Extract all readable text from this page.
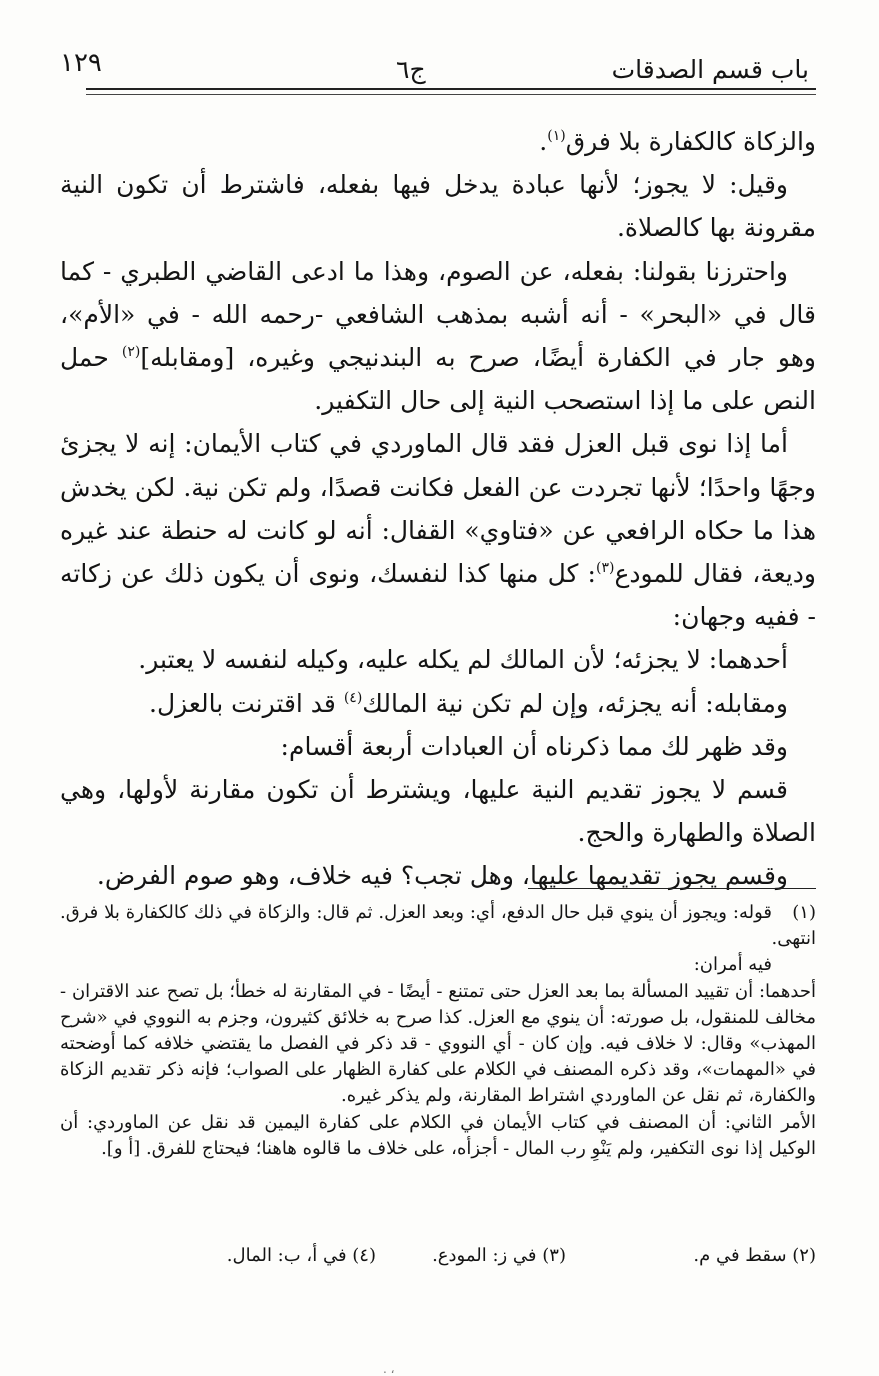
باب قسم الصدقات
ج٦
١٢٩

والزكاة كالكفارة بلا فرق$^{(١)}$.

وقيل: لا يجوز؛ لأنها عبادة يدخل فيها بفعله، فاشترط أن تكون النية مقرونة بها كالصلاة.

واحترزنا بقولنا: بفعله، عن الصوم، وهذا ما ادعى القاضي الطبري - كما قال في «البحر» - أنه أشبه بمذهب الشافعي -رحمه الله - في «الأم»، وهو جار في الكفارة أيضًا، صرح به البندنيجي وغيره، [ومقابله]$^{(٢)}$ حمل النص على ما إذا استصحب النية إلى حال التكفير.

أما إذا نوى قبل العزل فقد قال الماوردي في كتاب الأيمان: إنه لا يجزئ وجهًا واحدًا؛ لأنها تجردت عن الفعل فكانت قصدًا، ولم تكن نية. لكن يخدش هذا ما حكاه الرافعي عن «فتاوي» القفال: أنه لو كانت له حنطة عند غيره وديعة، فقال للمودع$^{(٣)}$: كل منها كذا لنفسك، ونوى أن يكون ذلك عن زكاته - ففيه وجهان:

أحدهما: لا يجزئه؛ لأن المالك لم يكله عليه، وكيله لنفسه لا يعتبر.

ومقابله: أنه يجزئه، وإن لم تكن نية المالك$^{(٤)}$ قد اقترنت بالعزل.

وقد ظهر لك مما ذكرناه أن العبادات أربعة أقسام:

قسم لا يجوز تقديم النية عليها، ويشترط أن تكون مقارنة لأولها، وهي الصلاة والطهارة والحج.

وقسم يجوز تقديمها عليها، وهل تجب؟ فيه خلاف، وهو صوم الفرض.

(١)قوله: ويجوز أن ينوي قبل حال الدفع، أي: وبعد العزل. ثم قال: والزكاة في ذلك كالكفارة بلا فرق. انتهى.

فيه أمران:

أحدهما: أن تقييد المسألة بما بعد العزل حتى تمتنع - أيضًا - في المقارنة له خطأ؛ بل تصح عند الاقتران - مخالف للمنقول، بل صورته: أن ينوي مع العزل. كذا صرح به خلائق كثيرون، وجزم به النووي في «شرح المهذب» وقال: لا خلاف فيه. وإن كان - أي النووي - قد ذكر في الفصل ما يقتضي خلافه كما أوضحته في «المهمات»، وقد ذكره المصنف في الكلام على كفارة الظهار على الصواب؛ فإنه ذكر تقديم الزكاة والكفارة، ثم نقل عن الماوردي اشتراط المقارنة، ولم يذكر غيره.

الأمر الثاني: أن المصنف في كتاب الأيمان في الكلام على كفارة اليمين قد نقل عن الماوردي: أن الوكيل إذا نوى التكفير، ولم يَنْوِ رب المال - أجزأه، على خلاف ما قالوه هاهنا؛ فيحتاج للفرق. [أ و].

(٢) سقط في م.
(٣) في ز: المودع.
(٤) في أ، ب: المال.
، .
